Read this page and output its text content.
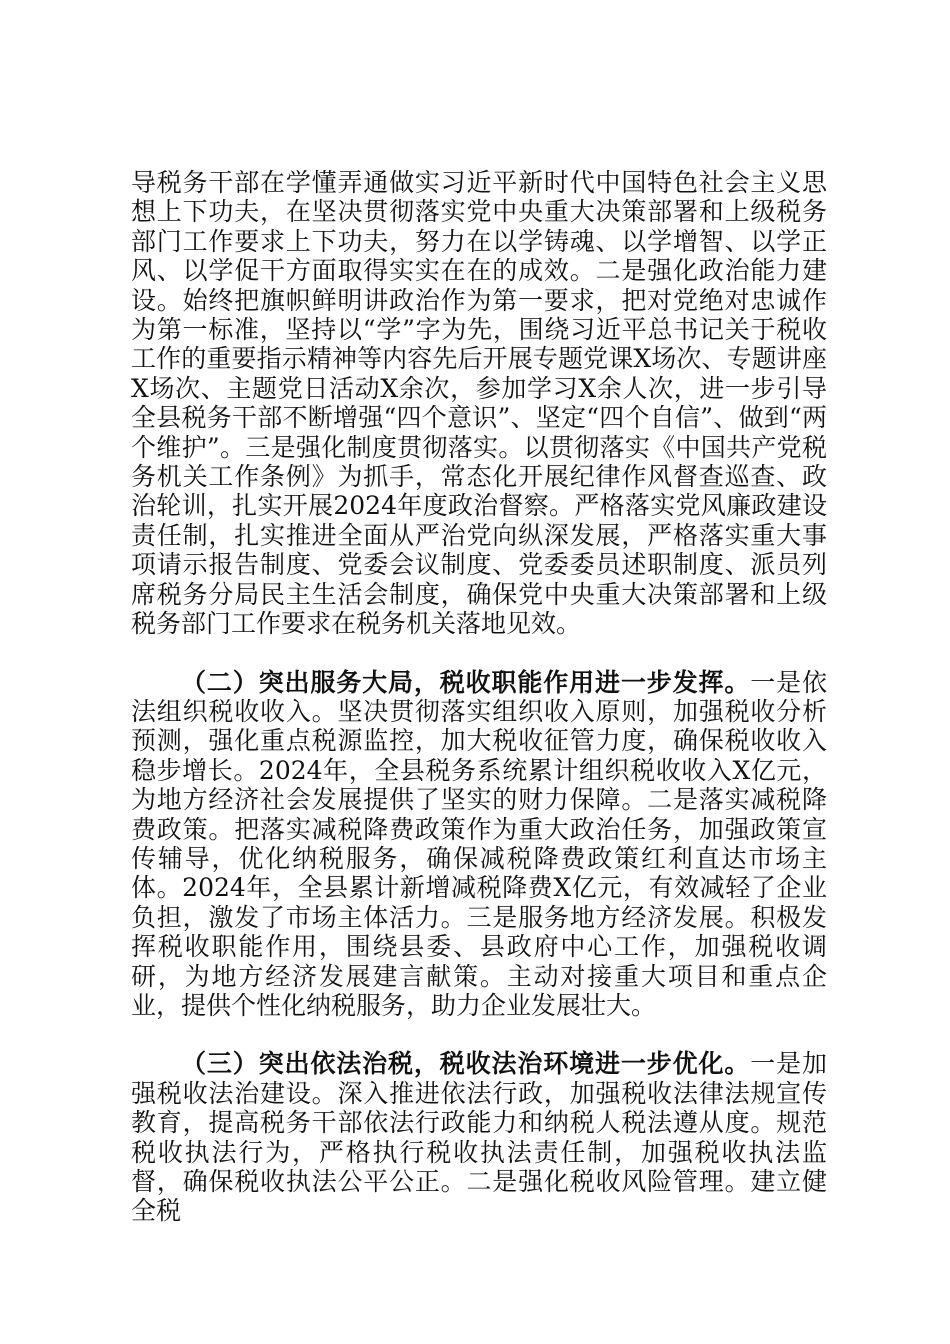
导税务干部在学懂弄通做实习近平新时代中国特色社会主义思想上下功夫，在坚决贯彻落实党中央重大决策部署和上级税务部门工作要求上下功夫，努力在以学铸魂、以学增智、以学正风、以学促干方面取得实实在在的成效。二是强化政治能力建设。始终把旗帜鲜明讲政治作为第一要求，把对党绝对忠诚作为第一标准，坚持以“学”字为先，围绕习近平总书记关于税收工作的重要指示精神等内容先后开展专题党课X场次、专题讲座X场次、主题党日活动X余次，参加学习X余人次，进一步引导全县税务干部不断增强“四个意识”、坚定“四个自信”、做到“两个维护”。三是强化制度贯彻落实。以贯彻落实《中国共产党税务机关工作条例》为抓手，常态化开展纪律作风督查巡查、政治轮训，扎实开展2024年度政治督察。严格落实党风廉政建设责任制，扎实推进全面从严治党向纵深发展，严格落实重大事项请示报告制度、党委会议制度、党委委员述职制度、派员列席税务分局民主生活会制度，确保党中央重大决策部署和上级税务部门工作要求在税务机关落地见效。

（二）突出服务大局，税收职能作用进一步发挥。一是依法组织税收收入。坚决贯彻落实组织收入原则，加强税收分析预测，强化重点税源监控，加大税收征管力度，确保税收收入稳步增长。2024年，全县税务系统累计组织税收收入X亿元，为地方经济社会发展提供了坚实的财力保障。二是落实减税降费政策。把落实减税降费政策作为重大政治任务，加强政策宣传辅导，优化纳税服务，确保减税降费政策红利直达市场主体。2024年，全县累计新增减税降费X亿元，有效减轻了企业负担，激发了市场主体活力。三是服务地方经济发展。积极发挥税收职能作用，围绕县委、县政府中心工作，加强税收调研，为地方经济发展建言献策。主动对接重大项目和重点企业，提供个性化纳税服务，助力企业发展壮大。

（三）突出依法治税，税收法治环境进一步优化。一是加强税收法治建设。深入推进依法行政，加强税收法律法规宣传教育，提高税务干部依法行政能力和纳税人税法遵从度。规范税收执法行为，严格执行税收执法责任制，加强税收执法监督，确保税收执法公平公正。二是强化税收风险管理。建立健全税
